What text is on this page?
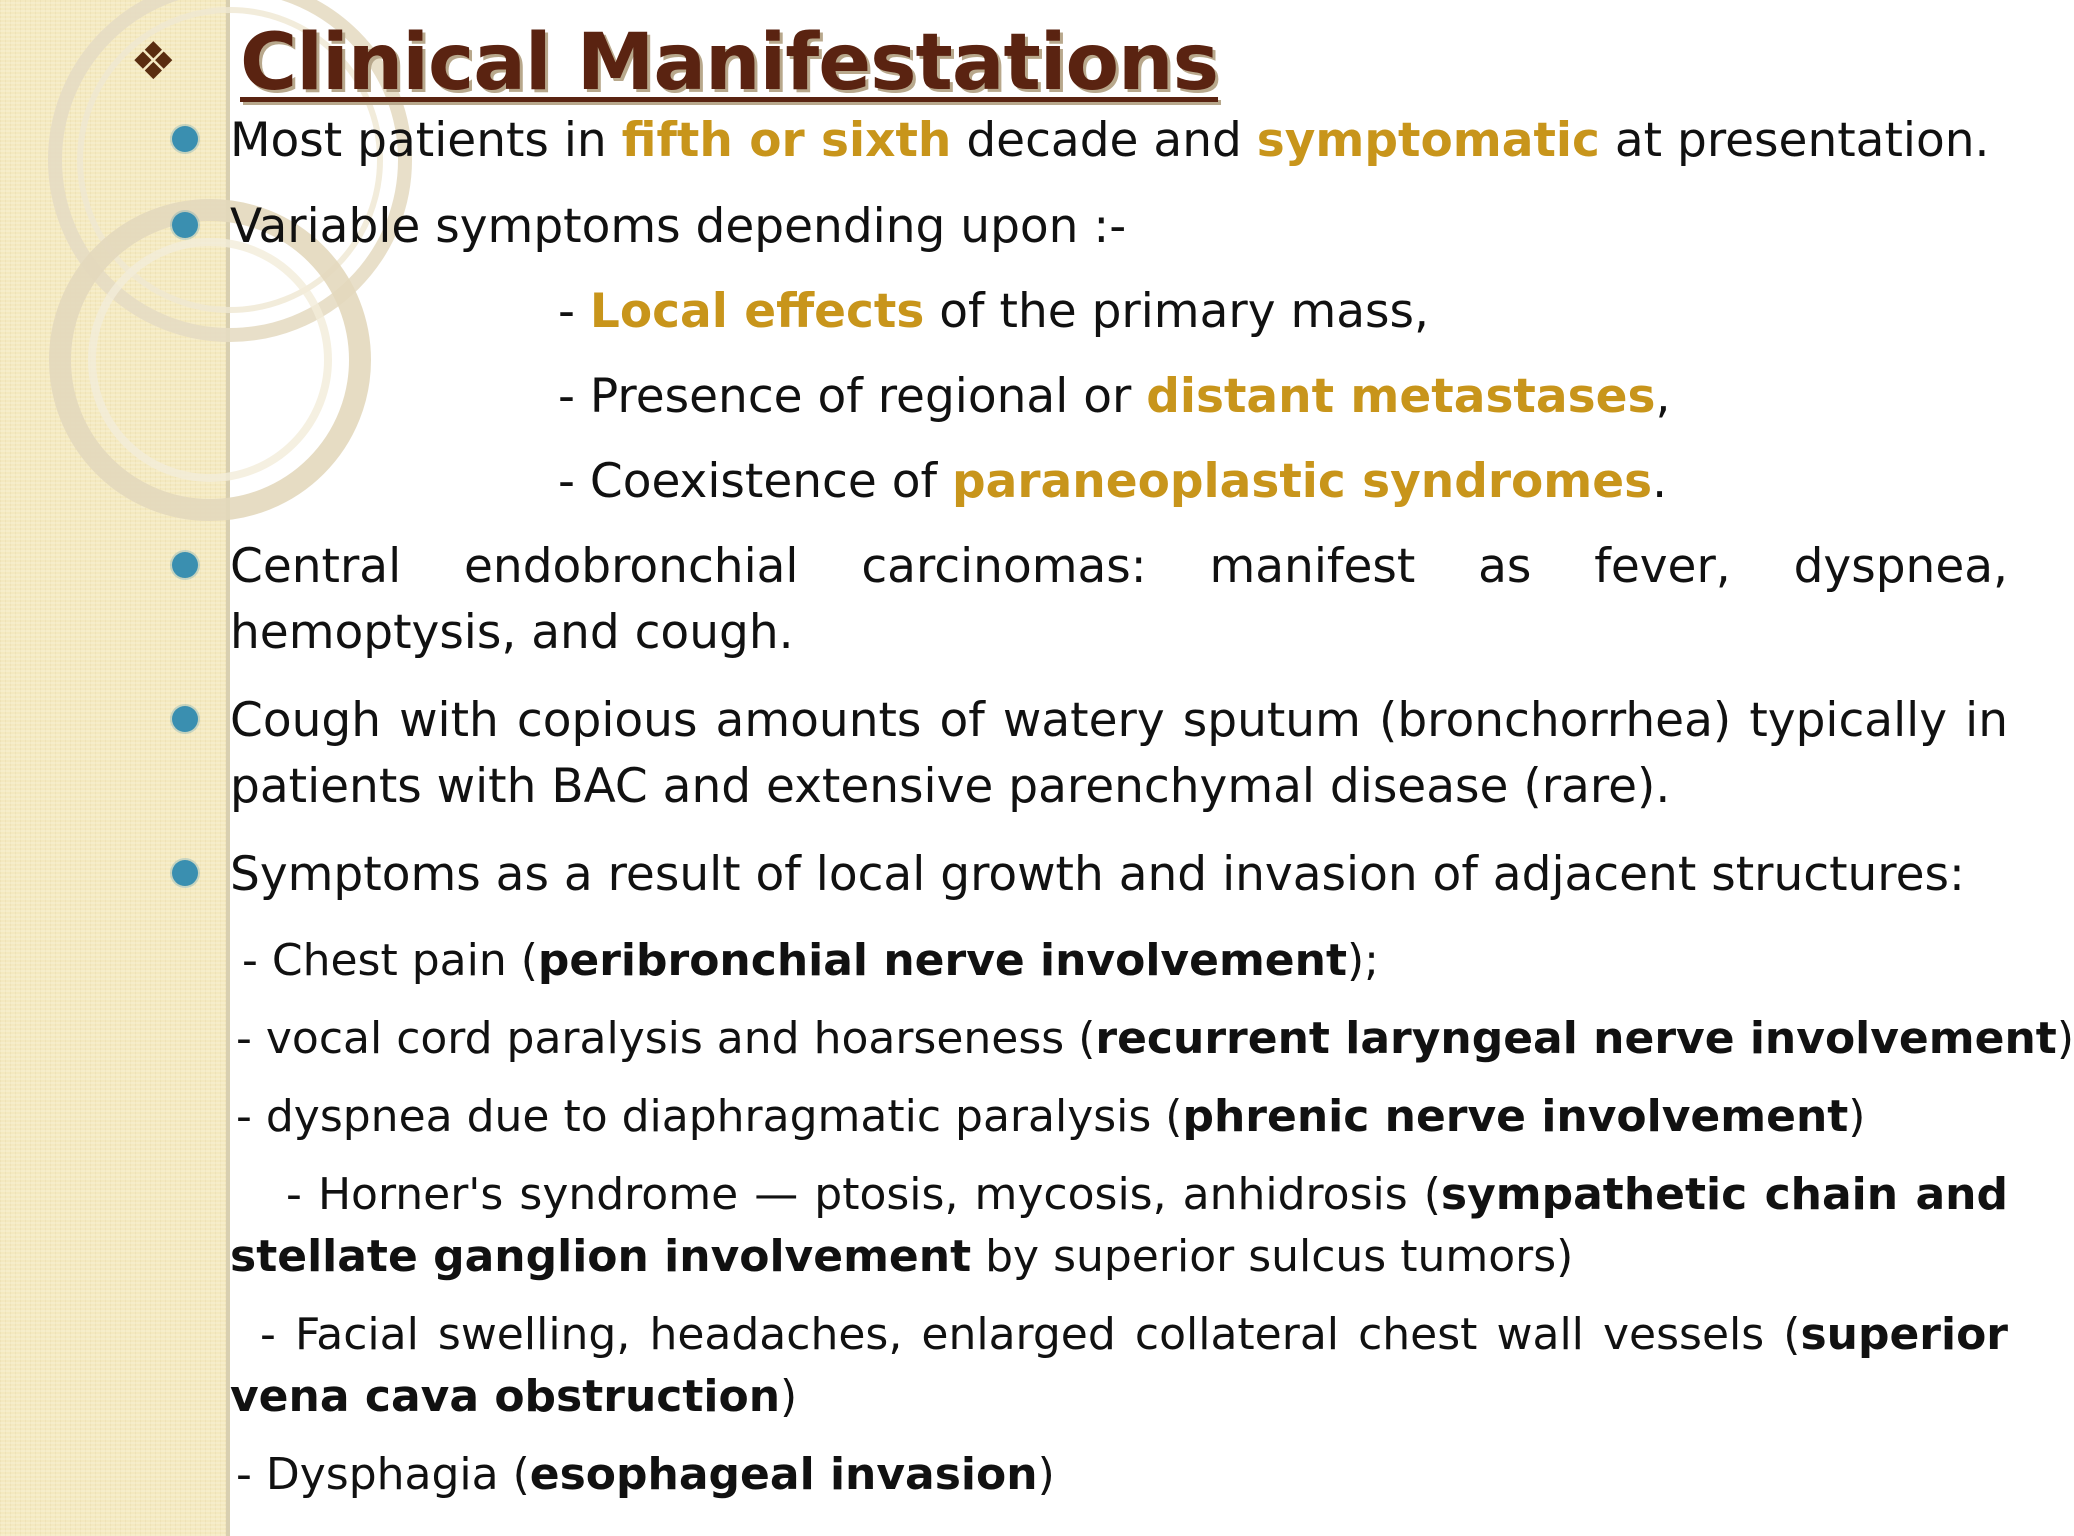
❖ Clinical Manifestations
Most patients in fifth or sixth decade and symptomatic at presentation.
Variable symptoms depending upon :-
- Local effects of the primary mass,
- Presence of regional or distant metastases,
- Coexistence of paraneoplastic syndromes.
Central endobronchial carcinomas: manifest as fever, dyspnea, hemoptysis, and cough.
Cough with copious amounts of watery sputum (bronchorrhea) typically in patients with BAC and extensive parenchymal disease (rare).
Symptoms as a result of local growth and invasion of adjacent structures:
- Chest pain (peribronchial nerve involvement);
- vocal cord paralysis and hoarseness (recurrent laryngeal nerve involvement)
- dyspnea due to diaphragmatic paralysis (phrenic nerve involvement)
- Horner's syndrome — ptosis, mycosis, anhidrosis (sympathetic chain and stellate ganglion involvement by superior sulcus tumors)
- Facial swelling, headaches, enlarged collateral chest wall vessels (superior vena cava obstruction)
- Dysphagia (esophageal invasion)
